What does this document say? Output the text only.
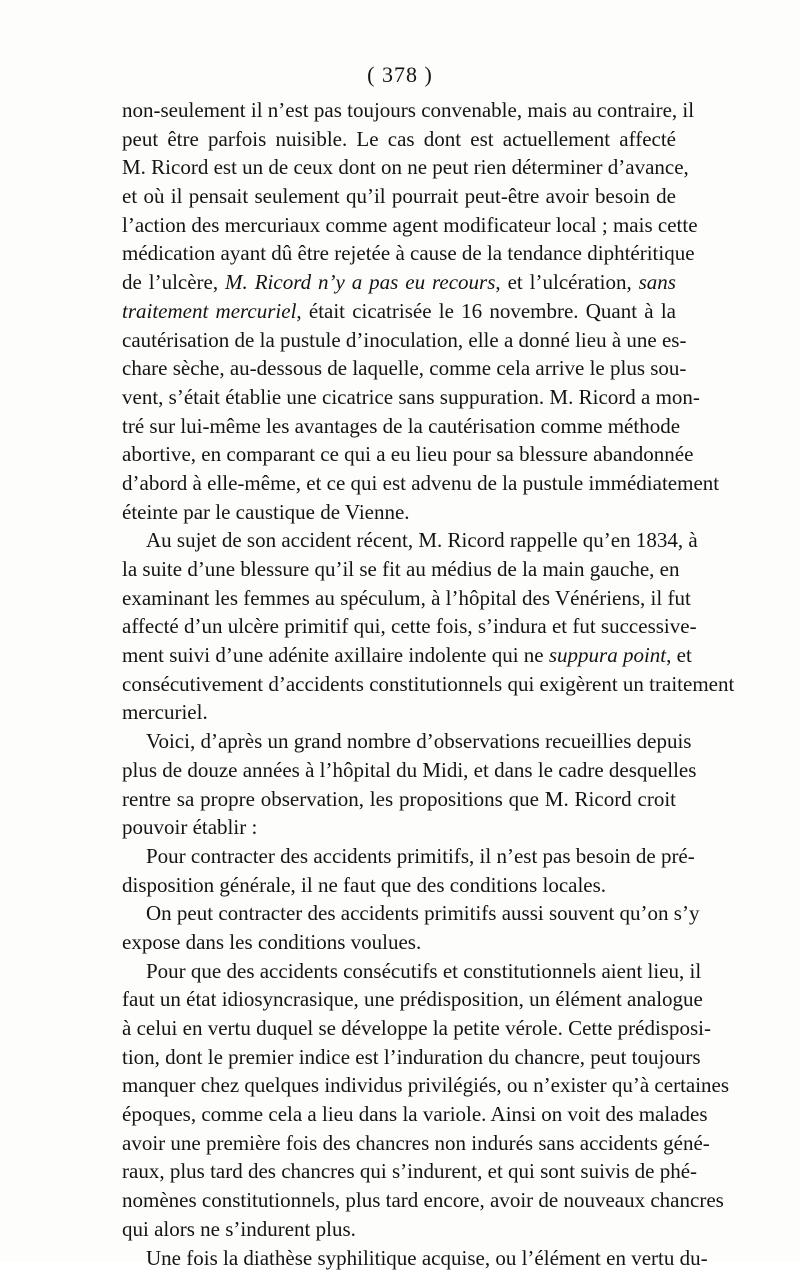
( 378 )
non-seulement il n’est pas toujours convenable, mais au contraire, il
peut être parfois nuisible. Le cas dont est actuellement affecté
M. Ricord est un de ceux dont on ne peut rien déterminer d’avance,
et où il pensait seulement qu’il pourrait peut-être avoir besoin de
l’action des mercuriaux comme agent modificateur local ; mais cette
médication ayant dû être rejetée à cause de la tendance diphtéritique
de l’ulcère, M. Ricord n’y a pas eu recours, et l’ulcération, sans
traitement mercuriel, était cicatrisée le 16 novembre. Quant à la
cautérisation de la pustule d’inoculation, elle a donné lieu à une es-
chare sèche, au-dessous de laquelle, comme cela arrive le plus sou-
vent, s’était établie une cicatrice sans suppuration. M. Ricord a mon-
tré sur lui-même les avantages de la cautérisation comme méthode
abortive, en comparant ce qui a eu lieu pour sa blessure abandonnée
d’abord à elle-même, et ce qui est advenu de la pustule immédiatement
éteinte par le caustique de Vienne.
Au sujet de son accident récent, M. Ricord rappelle qu’en 1834, à
la suite d’une blessure qu’il se fit au médius de la main gauche, en
examinant les femmes au spéculum, à l’hôpital des Vénériens, il fut
affecté d’un ulcère primitif qui, cette fois, s’indura et fut successive-
ment suivi d’une adénite axillaire indolente qui ne suppura point, et
consécutivement d’accidents constitutionnels qui exigèrent un traitement
mercuriel.
Voici, d’après un grand nombre d’observations recueillies depuis
plus de douze années à l’hôpital du Midi, et dans le cadre desquelles
rentre sa propre observation, les propositions que M. Ricord croit
pouvoir établir :
Pour contracter des accidents primitifs, il n’est pas besoin de pré-
disposition générale, il ne faut que des conditions locales.
On peut contracter des accidents primitifs aussi souvent qu’on s’y
expose dans les conditions voulues.
Pour que des accidents consécutifs et constitutionnels aient lieu, il
faut un état idiosyncrasique, une prédisposition, un élément analogue
à celui en vertu duquel se développe la petite vérole. Cette prédisposi-
tion, dont le premier indice est l’induration du chancre, peut toujours
manquer chez quelques individus privilégiés, ou n’exister qu’à certaines
époques, comme cela a lieu dans la variole. Ainsi on voit des malades
avoir une première fois des chancres non indurés sans accidents géné-
raux, plus tard des chancres qui s’indurent, et qui sont suivis de phé-
nomènes constitutionnels, plus tard encore, avoir de nouveaux chancres
qui alors ne s’indurent plus.
Une fois la diathèse syphilitique acquise, ou l’élément en vertu du-
